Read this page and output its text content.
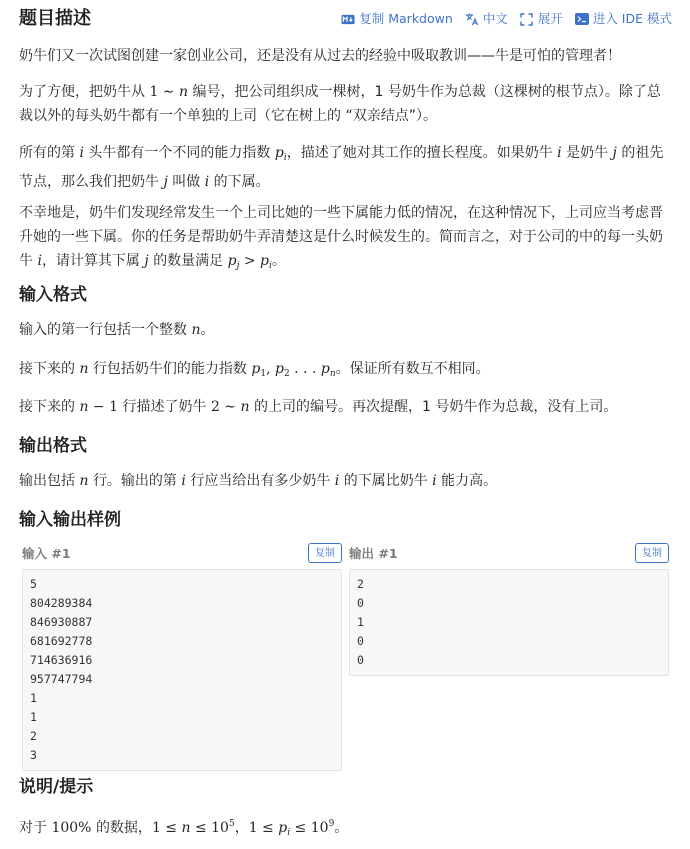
题目描述	复制 Markdown 中文 展开 进入 IDE 模式

奶牛们又一次试图创建一家创业公司，还是没有从过去的经验中吸取教训——牛是可怕的管理者！

为了方便，把奶牛从 1 ∼ n 编号，把公司组织成一棵树，1 号奶牛作为总裁（这棵树的根节点）。除了总裁以外的每头奶牛都有一个单独的上司（它在树上的 “双亲结点”）。

所有的第 i 头牛都有一个不同的能力指数 $p_i$，描述了她对其工作的擅长程度。如果奶牛 i 是奶牛 j 的祖先节点，那么我们把奶牛 j 叫做 i 的下属。

不幸地是，奶牛们发现经常发生一个上司比她的一些下属能力低的情况，在这种情况下，上司应当考虑晋升她的一些下属。你的任务是帮助奶牛弄清楚这是什么时候发生的。简而言之，对于公司的中的每一头奶牛 i，请计算其下属 j 的数量满足 $p_j > p_i$。

输入格式

输入的第一行包括一个整数 n。

接下来的 n 行包括奶牛们的能力指数 $p_1$, $p_2$ . . . $p_n$。保证所有数互不相同。

接下来的 n − 1 行描述了奶牛 2 ∼ n 的上司的编号。再次提醒，1 号奶牛作为总裁，没有上司。

输出格式

输出包括 n 行。输出的第 i 行应当给出有多少奶牛 i 的下属比奶牛 i 能力高。

输入输出样例
输入 #1	复制
5
804289384
846930887
681692778
714636916
957747794
1
1
2
3
输出 #1	复制
2
0
1
0
0
说明/提示

对于 100% 的数据，$1 \le n \le 10^5$，$1 \le p_i \le 10^9$。
